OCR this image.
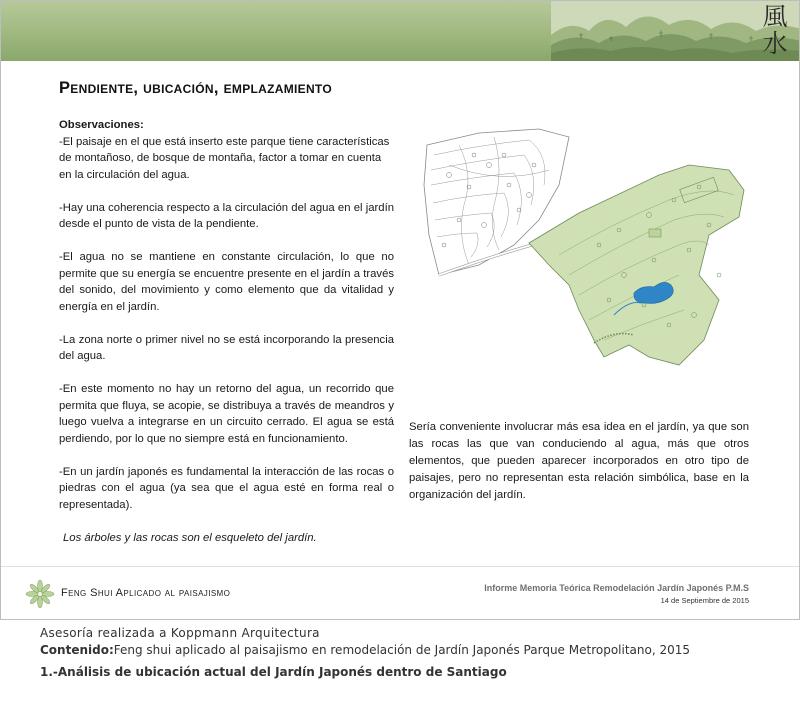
風
水
Pendiente, ubicación, emplazamiento
Observaciones:

-El paisaje en el que está inserto este parque tiene características de montañoso, de bosque de montaña, factor a tomar en cuenta en la circulación del agua.

-Hay una coherencia respecto a la circulación del agua en el jardín desde el punto de vista de la pendiente.

-El agua no se mantiene en constante circulación, lo que no permite que su energía se encuentre presente en el jardín a través del sonido, del movimiento y como elemento que da vitalidad y energía en el jardín.

-La zona norte o primer nivel no se está incorporando la presencia del agua.

-En este momento no hay un retorno del agua, un recorrido que permita que fluya, se acopie, se distribuya a través de meandros y luego vuelva a integrarse en un circuito cerrado. El agua se está perdiendo, por lo que no siempre está en funcionamiento.

-En un jardín japonés es fundamental la interacción de las rocas o piedras con el agua (ya sea que el agua esté en forma real o representada).

Los árboles y las rocas son el esqueleto del jardín.

Sería conveniente involucrar más esa idea en el jardín, ya que son las rocas las que van conduciendo al agua, más que otros elementos, que pueden aparecer incorporados en otro tipo de paisajes, pero no representan esta relación simbólica, base en la organización del jardín.
Feng Shui Aplicado al paisajismo	Informe Memoria Teórica Remodelación Jardín Japonés P.M.S
14 de Septiembre de 2015
Asesoría realizada a Koppmann Arquitectura
Contenido:Feng shui aplicado al paisajismo en remodelación de Jardín Japonés Parque Metropolitano, 2015
1.-Análisis de ubicación actual del Jardín Japonés dentro de Santiago
